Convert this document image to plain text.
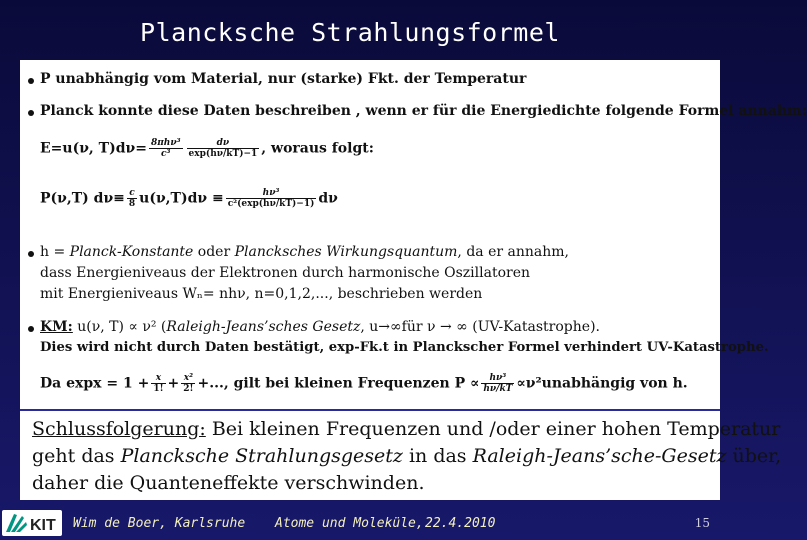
Plancksche Strahlungsformel
P unabhängig vom Material, nur (starke) Fkt. der Temperatur
Planck konnte diese Daten beschreiben , wenn er für die Energiedichte folgende Formel annahm:
E=u(ν, $T)d\nu= \frac{\text{8πhν³}}{\text{c³}} \frac{d\nu}{\exp(h\nu/kT)-1}$ , woraus folgt:
P(ν,T) $d\nu\equiv \frac{c}{8} u(\nu,T)d\nu \equiv \frac{\text{hν³}}{\text{c²(exp(hν/kT)−1)}}$ dν
h = Planck-Konstante oder Plancksches Wirkungsquantum, da er annahm,
dass Energieniveaus der Elektronen durch harmonische Oszillatoren
mit Energieniveaus Wₙ= nhν, n=0,1,2,..., beschrieben werden
KM: u(ν, T) ∝ ν² (Raleigh-Jeans’sches Gesetz, u→∞für ν → ∞ (UV-Katastrophe).
Dies wird nicht durch Daten bestätigt, exp-Fk.t in Planckscher Formel verhindert UV-Katastrophe.
Da $\exp x = 1 + \frac{x}{1!} + \frac{\text{x²}}{2!}$ +..., gilt bei kleinen Frequenzen $P \propto \frac{\text{hν³}}{h\nu/kT}$ ∝ν²unabhängig von h.
Schlussfolgerung: Bei kleinen Frequenzen und /oder einer hohen Temperatur
geht das Plancksche Strahlungsgesetz in das Raleigh-Jeans’sche-Gesetz über,
daher die Quanteneffekte verschwinden.
KIT Wim de Boer, Karlsruhe Atome und Moleküle, 22.4.2010	15
